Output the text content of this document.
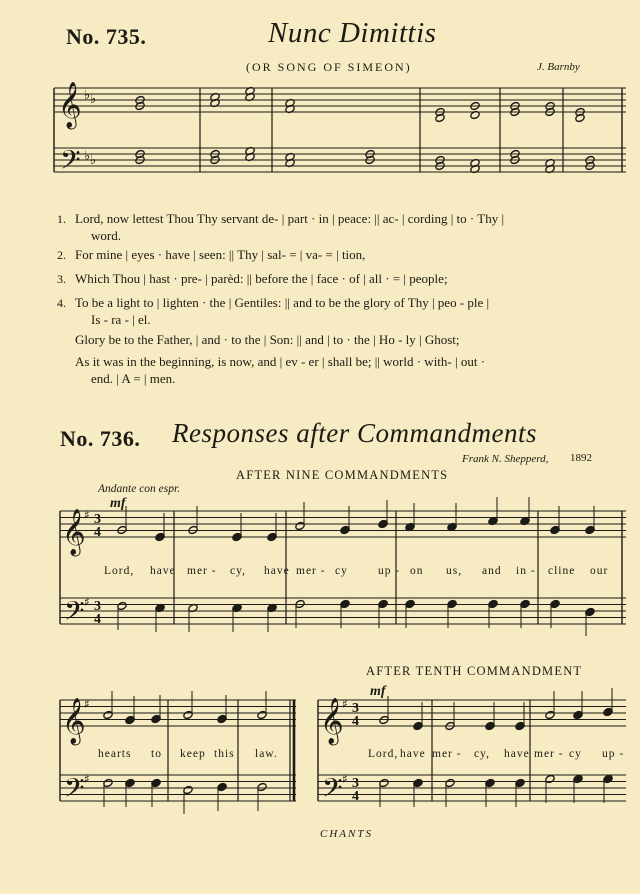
No. 735.	Nunc Dimittis
(OR SONG OF SIMEON)	J. Barnby
𝄞
𝄢
♭ ♭
♭ ♭
1. Lord, now lettest Thou Thy servant de- | part · in | peace: || ac- | cording | to · Thy |
word.
2. For mine | eyes · have | seen: || Thy | sal- = | va- = | tion,
3. Which Thou | hast · pre- | parèd: || before the | face · of | all · = | people;
4. To be a light to | lighten · the | Gentiles: || and to be the glory of Thy | peo - ple |
Is - ra - | el.
Glory be to the Father, | and · to the | Son: || and | to · the | Ho - ly | Ghost;
As it was in the beginning, is now, and | ev - er | shall be; || world · with- | out ·
end. | A = | men.
No. 736. Responses after Commandments
Frank N. Shepperd, 1892
AFTER NINE COMMANDMENTS
Andante con espr.
mf
𝄞
𝄢
♯
♯
3
4
3
4
𝄞
𝄢
♯
♯
𝄞
𝄢
♯
♯
3
4
3
4
Lord, have mer - cy, have mer - cy	up - on us, and in - cline our
AFTER TENTH COMMANDMENT
mf
hearts to keep this law.	Lord, have mer - cy, have mer - cy up -
CHANTS
